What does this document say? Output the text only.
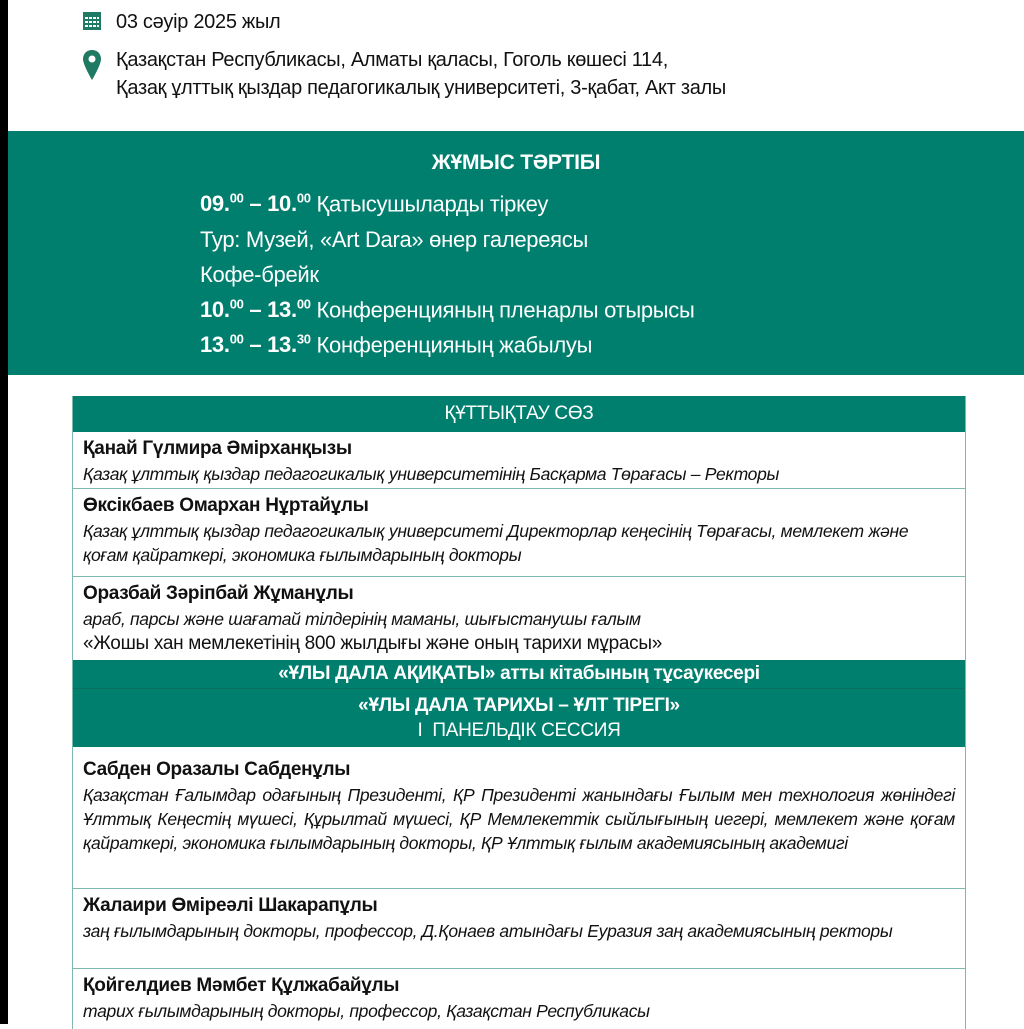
03 сәуір 2025 жыл
Қазақстан Республикасы, Алматы қаласы, Гоголь көшесі 114,
Қазақ ұлттық қыздар педагогикалық университеті, 3-қабат, Акт залы
ЖҰМЫС ТӘРТІБІ
09.00 – 10.00 Қатысушыларды тіркеу
Тур: Музей, «Art Dara» өнер галереясы
Кофе-брейк
10.00 – 13.00 Конференцияның пленарлы отырысы
13.00 – 13.30 Конференцияның жабылуы
ҚҰТТЫҚТАУ СӨЗ
Қанай Гүлмира Әмірханқызы
Қазақ ұлттық қыздар педагогикалық университетінің Басқарма Төрағасы – Ректоры
Өксікбаев Омархан Нұртайұлы
Қазақ ұлттық қыздар педагогикалық университеті Директорлар кеңесінің Төрағасы, мемлекет және қоғам қайраткері, экономика ғылымдарының докторы
Оразбай Зәріпбай Жұманұлы
араб, парсы және шағатай тілдерінің маманы, шығыстанушы ғалым
«Жошы хан мемлекетінің 800 жылдығы және оның тарихи мұрасы»
«ҰЛЫ ДАЛА АҚИҚАТЫ» атты кітабының тұсаукесері
«ҰЛЫ ДАЛА ТАРИХЫ – ҰЛТ ТІРЕГІ»
I  ПАНЕЛЬДІК СЕССИЯ
Сабден Оразалы Сабденұлы
Қазақстан Ғалымдар одағының Президенті, ҚР Президенті жанындағы Ғылым мен технология жөніндегі Ұлттық Кеңестің мүшесі, Құрылтай мүшесі, ҚР Мемлекеттік сыйлығының иегері, мемлекет және қоғам қайраткері, экономика ғылымдарының докторы, ҚР Ұлттық ғылым академиясының академигі
Жалаири Өміреәлі Шакарапұлы
заң ғылымдарының докторы, профессор, Д.Қонаев атындағы Еуразия заң академиясының ректоры
Қойгелдиев Мәмбет Құлжабайұлы
тарих ғылымдарының докторы, профессор, Қазақстан Республикасы
